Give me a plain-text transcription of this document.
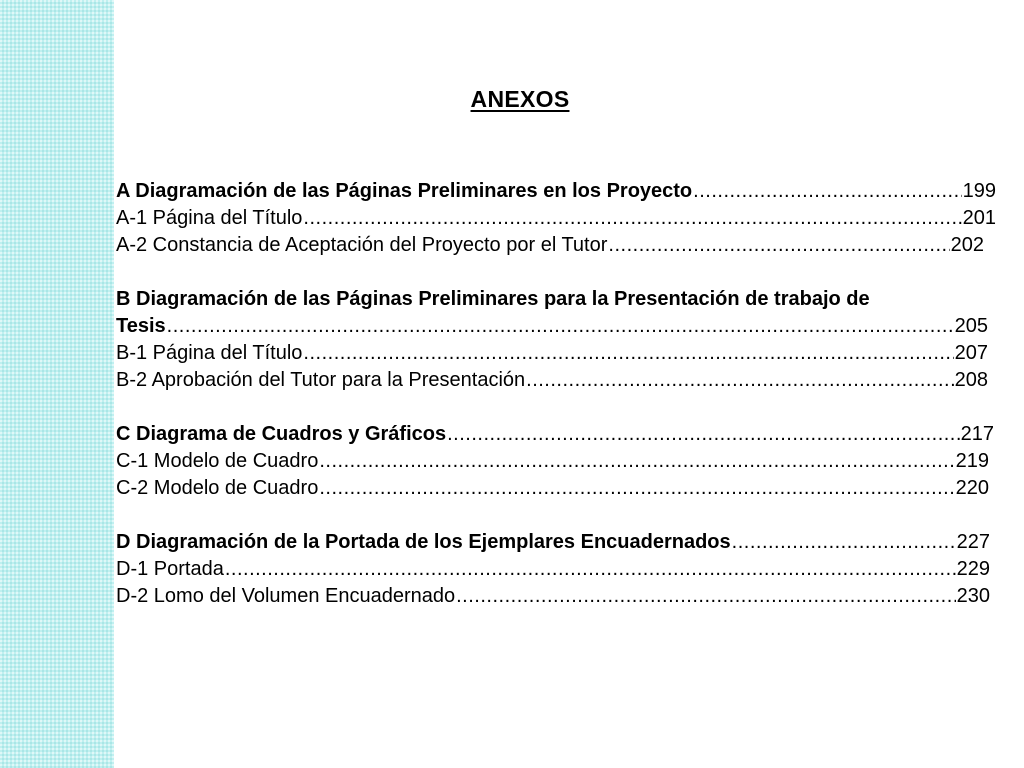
ANEXOS
A Diagramación de las Páginas Preliminares en los Proyecto .....	199
A-1 Página del Título .....	201
A-2 Constancia de Aceptación del Proyecto por el Tutor .....	202
B Diagramación de las Páginas Preliminares para la Presentación de trabajo de
Tesis .....	205
B-1 Página del Título .....	207
B-2 Aprobación del Tutor para la Presentación .....	208
C Diagrama de Cuadros y Gráficos .....	217
C-1 Modelo de Cuadro .....	219
C-2 Modelo de Cuadro .....	220
D Diagramación de la Portada de los Ejemplares Encuadernados .....	227
D-1 Portada .....	229
D-2 Lomo del Volumen Encuadernado .....	230
